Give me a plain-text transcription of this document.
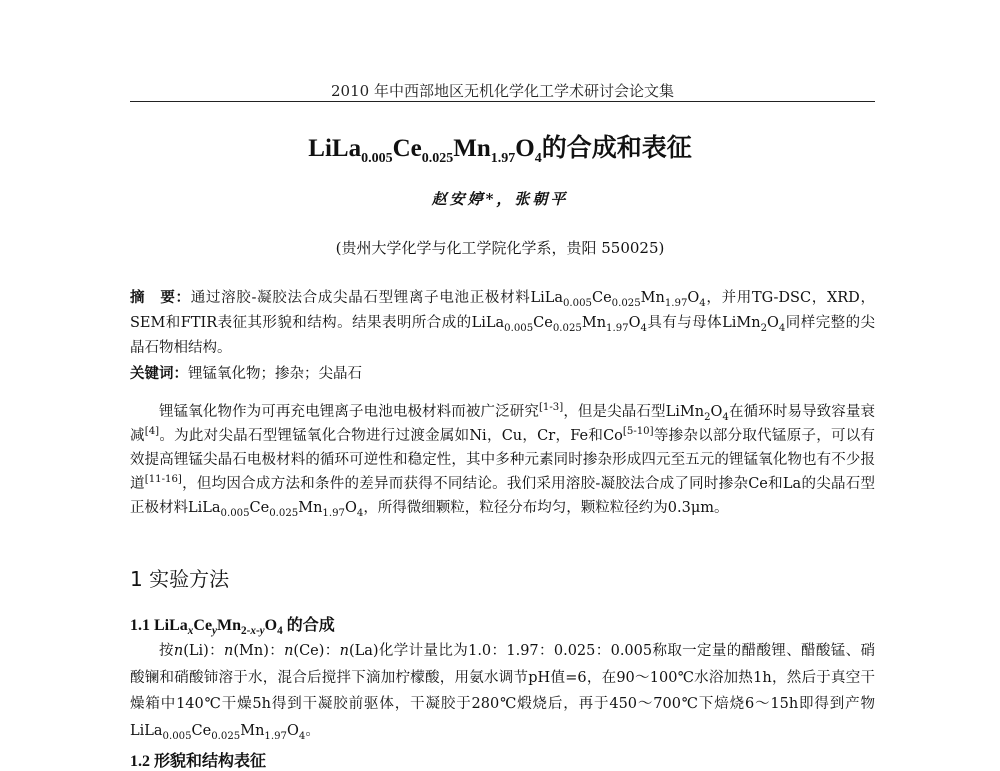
2010 年中西部地区无机化学化工学术研讨会论文集
$LiLa_{0.005}Ce_{0.025}Mn_{1.97}O_4$的合成和表征
赵安婷*，张朝平
(贵州大学化学与化工学院化学系，贵阳 550025)
摘　要：通过溶胶-凝胶法合成尖晶石型锂离子电池正极材料$LiLa_{0.005}Ce_{0.025}Mn_{1.97}O_4$，并用TG-DSC，XRD，SEM和FTIR表征其形貌和结构。结果表明所合成的$LiLa_{0.005}Ce_{0.025}Mn_{1.97}O_4$具有与母体$LiMn_2O_4$同样完整的尖晶石物相结构。
关键词：锂锰氧化物；掺杂；尖晶石
锂锰氧化物作为可再充电锂离子电池电极材料而被广泛研究[1-3]，但是尖晶石型$LiMn_2O_4$在循环时易导致容量衰减[4]。为此对尖晶石型锂锰氧化合物进行过渡金属如Ni，Cu，Cr，Fe和Co[5-10]等掺杂以部分取代锰原子，可以有效提高锂锰尖晶石电极材料的循环可逆性和稳定性，其中多种元素同时掺杂形成四元至五元的锂锰氧化物也有不少报道[11-16]，但均因合成方法和条件的差异而获得不同结论。我们采用溶胶-凝胶法合成了同时掺杂Ce和La的尖晶石型正极材料$LiLa_{0.005}Ce_{0.025}Mn_{1.97}O_4$，所得微细颗粒，粒径分布均匀，颗粒粒径约为0.3μm。
1 实验方法
1.1 $LiLa_xCe_yMn_{2-x-y}O_4$ 的合成
按n(Li)：n(Mn)：n(Ce)：n(La)化学计量比为1.0：1.97：0.025：0.005称取一定量的醋酸锂、醋酸锰、硝酸镧和硝酸铈溶于水，混合后搅拌下滴加柠檬酸，用氨水调节pH值=6，在90～100℃水浴加热1h，然后于真空干燥箱中140℃干燥5h得到干凝胶前驱体，干凝胶于280℃煅烧后，再于450～700℃下焙烧6～15h即得到产物$LiLa_{0.005}Ce_{0.025}Mn_{1.97}O_4$。
1.2 形貌和结构表征
